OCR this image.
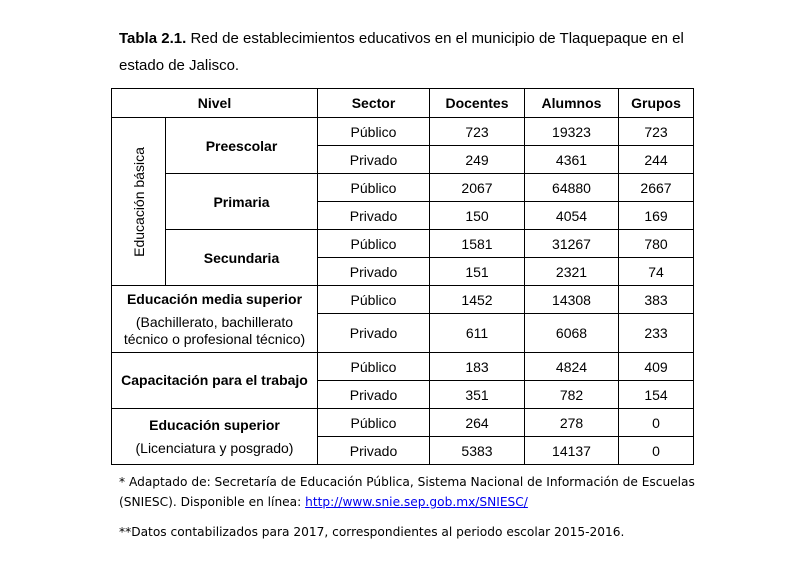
Tabla 2.1. Red de establecimientos educativos en el municipio de Tlaquepaque en el estado de Jalisco.
Nivel		Sector	Docentes	Alumnos	Grupos

Educación básica	Preescolar	Público	723	19323	723
		Privado	249	4361	244
	Primaria	Público	2067	64880	2667
		Privado	150	4054	169
	Secundaria	Público	1581	31267	780
		Privado	151	2321	74

Educación media superior
(Bachillerato, bachillerato técnico o profesional técnico)		Público	1452	14308	383
		Privado	611	6068	233

Capacitación para el trabajo		Público	183	4824	409
		Privado	351	782	154

Educación superior
(Licenciatura y posgrado)		Público	264	278	0
		Privado	5383	14137	0

* Adaptado de: Secretaría de Educación Pública, Sistema Nacional de Información de Escuelas (SNIESC). Disponible en línea: http://www.snie.sep.gob.mx/SNIESC/

**Datos contabilizados para 2017, correspondientes al periodo escolar 2015-2016.
